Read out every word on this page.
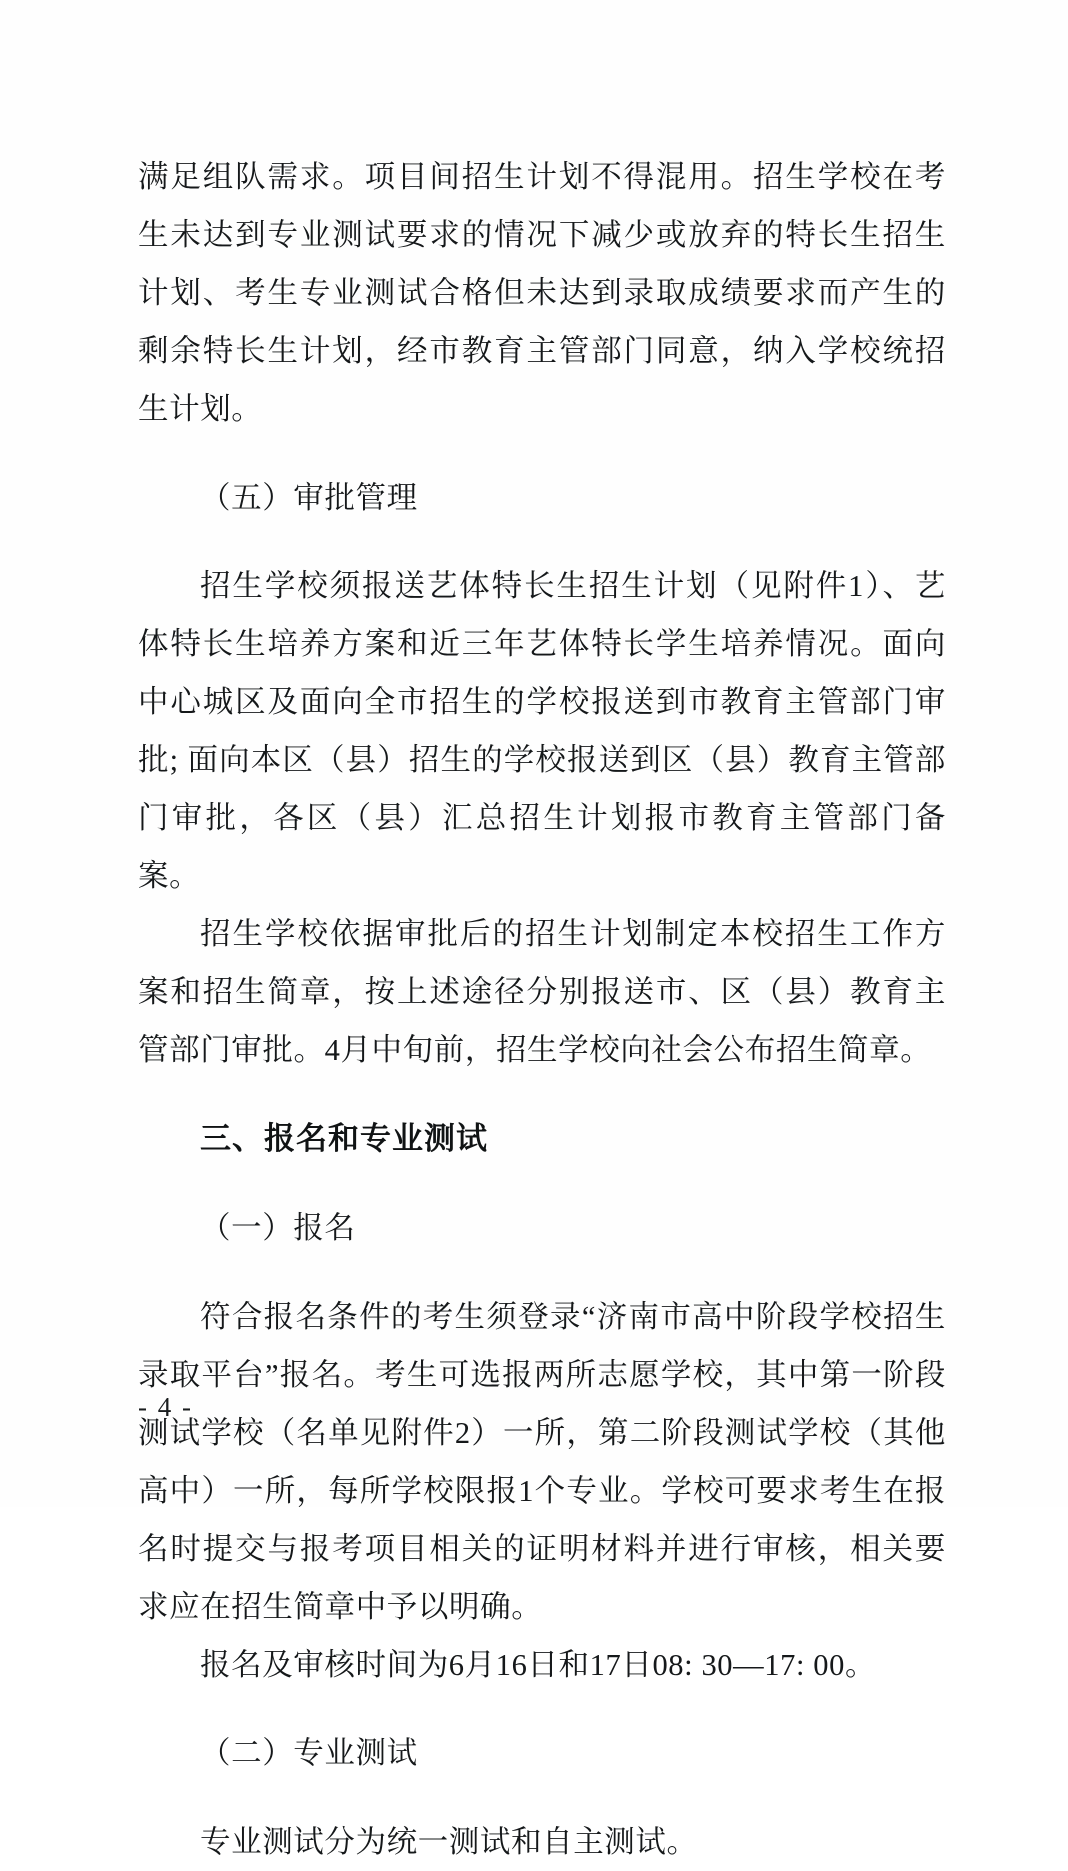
满足组队需求。项目间招生计划不得混用。招生学校在考生未达到专业测试要求的情况下减少或放弃的特长生招生计划、考生专业测试合格但未达到录取成绩要求而产生的剩余特长生计划，经市教育主管部门同意，纳入学校统招生计划。

（五）审批管理

招生学校须报送艺体特长生招生计划（见附件1）、艺体特长生培养方案和近三年艺体特长学生培养情况。面向中心城区及面向全市招生的学校报送到市教育主管部门审批; 面向本区（县）招生的学校报送到区（县）教育主管部门审批，各区（县）汇总招生计划报市教育主管部门备案。

招生学校依据审批后的招生计划制定本校招生工作方案和招生简章，按上述途径分别报送市、区（县）教育主管部门审批。4月中旬前，招生学校向社会公布招生简章。

三、报名和专业测试

（一）报名

符合报名条件的考生须登录“济南市高中阶段学校招生录取平台”报名。考生可选报两所志愿学校，其中第一阶段测试学校（名单见附件2）一所，第二阶段测试学校（其他高中）一所，每所学校限报1个专业。学校可要求考生在报名时提交与报考项目相关的证明材料并进行审核，相关要求应在招生简章中予以明确。

报名及审核时间为6月16日和17日08: 30—17: 00。

（二）专业测试

专业测试分为统一测试和自主测试。

- 4 -
